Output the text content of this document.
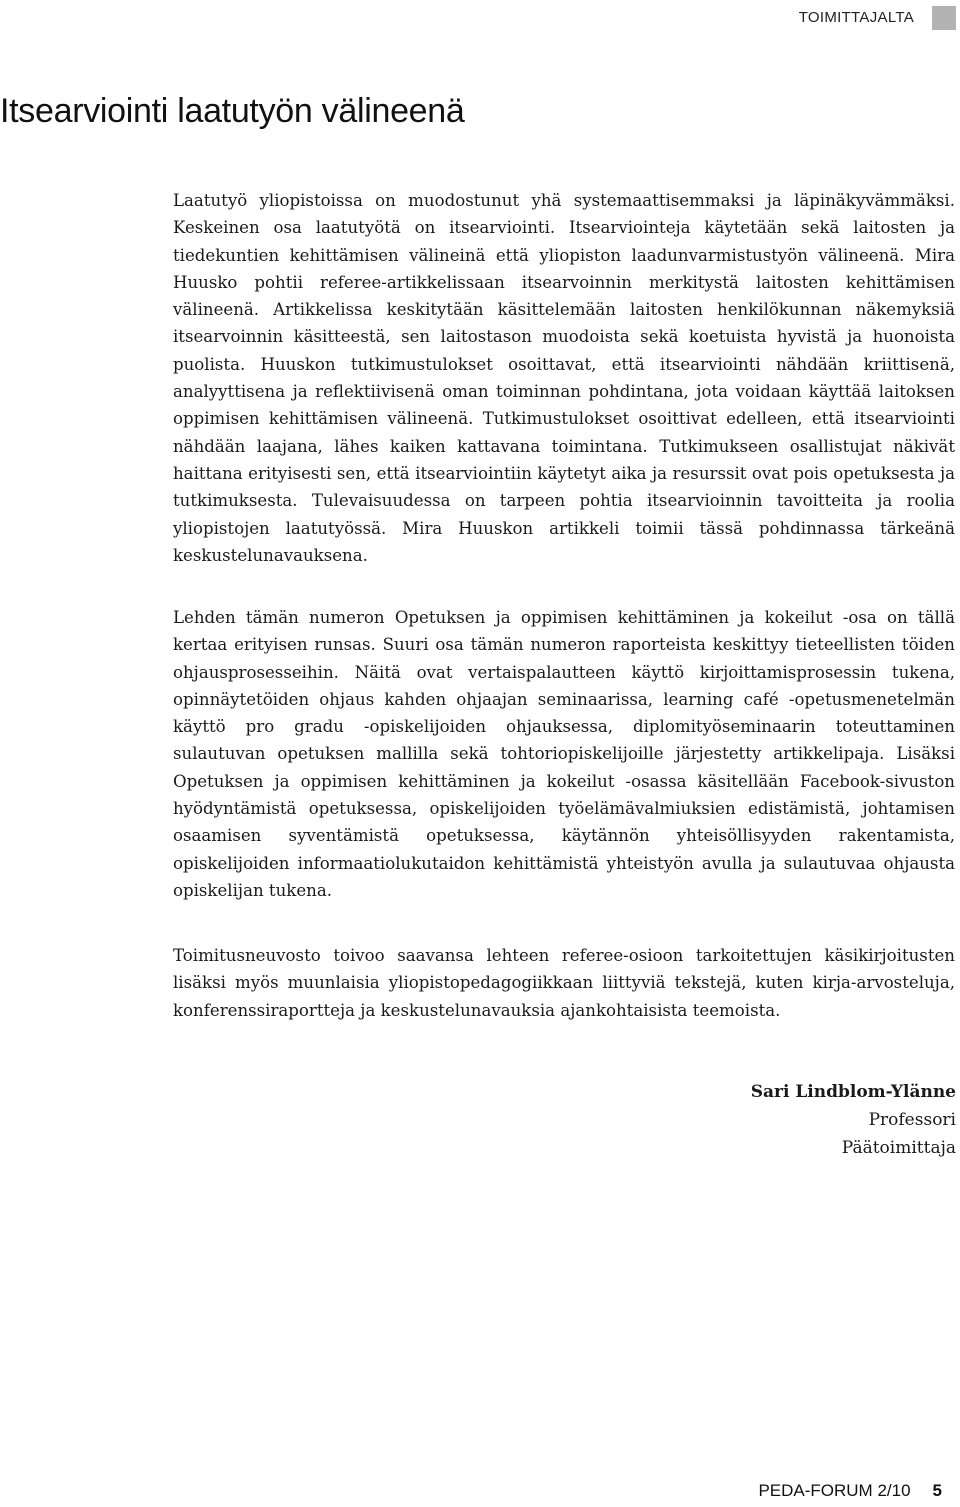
TOIMITTAJALTA
Itsearviointi laatutyön välineenä

Laatutyö yliopistoissa on muodostunut yhä systemaattisemmaksi ja läpinäkyvämmäksi. Keskeinen osa laatutyötä on itsearviointi. Itsearviointeja käytetään sekä laitosten ja tiedekuntien kehittämisen välineinä että yliopiston laadunvarmistustyön välineenä. Mira Huusko pohtii referee-artikkelissaan itsearvoinnin merkitystä laitosten kehittämisen välineenä. Artikkelissa keskitytään käsittelemään laitosten henkilökunnan näkemyksiä itsearvoinnin käsitteestä, sen laitostason muodoista sekä koetuista hyvistä ja huonoista puolista. Huuskon tutkimustulokset osoittavat, että itsearviointi nähdään kriittisenä, analyyttisena ja reflektiivisenä oman toiminnan pohdintana, jota voidaan käyttää laitoksen oppimisen kehittämisen välineenä. Tutkimustulokset osoittivat edelleen, että itsearviointi nähdään laajana, lähes kaiken kattavana toimintana. Tutkimukseen osallistujat näkivät haittana erityisesti sen, että itsearviointiin käytetyt aika ja resurssit ovat pois opetuksesta ja tutkimuksesta. Tulevaisuudessa on tarpeen pohtia itsearvioinnin tavoitteita ja roolia yliopistojen laatutyössä. Mira Huuskon artikkeli toimii tässä pohdinnassa tärkeänä keskustelunavauksena.

Lehden tämän numeron Opetuksen ja oppimisen kehittäminen ja kokeilut -osa on tällä kertaa erityisen runsas. Suuri osa tämän numeron raporteista keskittyy tieteellisten töiden ohjausprosesseihin. Näitä ovat vertaispalautteen käyttö kirjoittamisprosessin tukena, opinnäytetöiden ohjaus kahden ohjaajan seminaarissa, learning café -opetusmenetelmän käyttö pro gradu -opiskelijoiden ohjauksessa, diplomityöseminaarin toteuttaminen sulautuvan opetuksen mallilla sekä tohtoriopiskelijoille järjestetty artikkelipaja. Lisäksi Opetuksen ja oppimisen kehittäminen ja kokeilut -osassa käsitellään Facebook-sivuston hyödyntämistä opetuksessa, opiskelijoiden työelämävalmiuksien edistämistä, johtamisen osaamisen syventämistä opetuksessa, käytännön yhteisöllisyyden rakentamista, opiskelijoiden informaatiolukutaidon kehittämistä yhteistyön avulla ja sulautuvaa ohjausta opiskelijan tukena.

Toimitusneuvosto toivoo saavansa lehteen referee-osioon tarkoitettujen käsikirjoitusten lisäksi myös muunlaisia yliopistopedagogiikkaan liittyviä tekstejä, kuten kirja-arvosteluja, konferenssiraportteja ja keskustelunavauksia ajankohtaisista teemoista.

Sari Lindblom-Ylänne
Professori
Päätoimittaja
PEDA-FORUM 2/10 5
